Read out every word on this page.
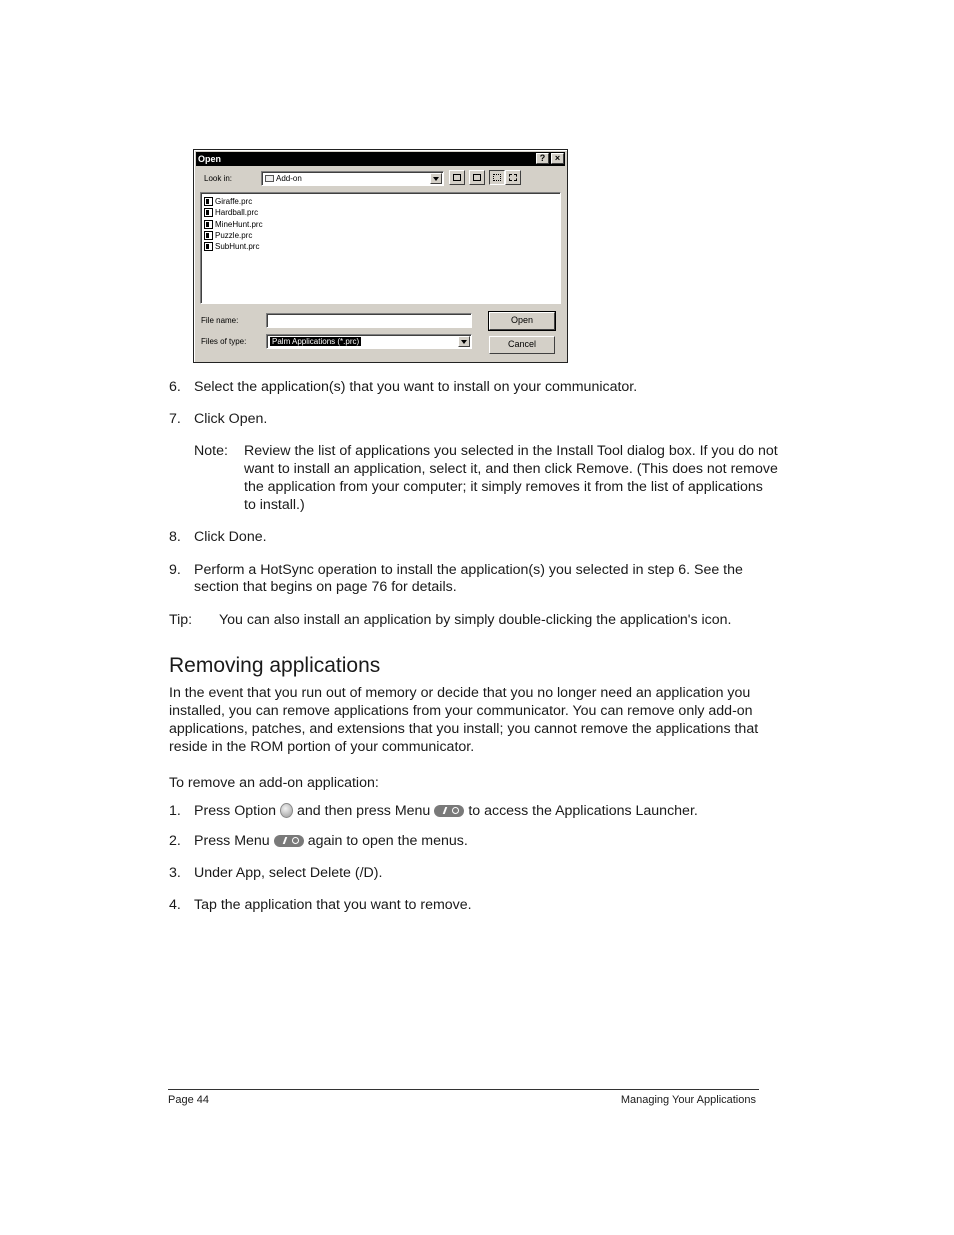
Open	?	×
Look in:	Add-on
Giraffe.prc
Hardball.prc
MineHunt.prc
Puzzle.prc
SubHunt.prc
File name:
Files of type:	Palm Applications (*.prc)
Open
Cancel
6. Select the application(s) that you want to install on your communicator.
7. Click Open.
Note: Review the list of applications you selected in the Install Tool dialog box. If you do not
want to install an application, select it, and then click Remove. (This does not remove
the application from your computer; it simply removes it from the list of applications
to install.)
8. Click Done.
9. Perform a HotSync operation to install the application(s) you selected in step 6. See the
section that begins on page 76 for details.
Tip: You can also install an application by simply double-clicking the application's icon.
Removing applications
In the event that you run out of memory or decide that you no longer need an application you
installed, you can remove applications from your communicator. You can remove only add-on
applications, patches, and extensions that you install; you cannot remove the applications that
reside in the ROM portion of your communicator.
To remove an add-on application:
1. Press Option and then press Menu	to access the Applications Launcher.
2. Press Menu	again to open the menus.
3. Under App, select Delete (/D).
4. Tap the application that you want to remove.
Page 44	Managing Your Applications
